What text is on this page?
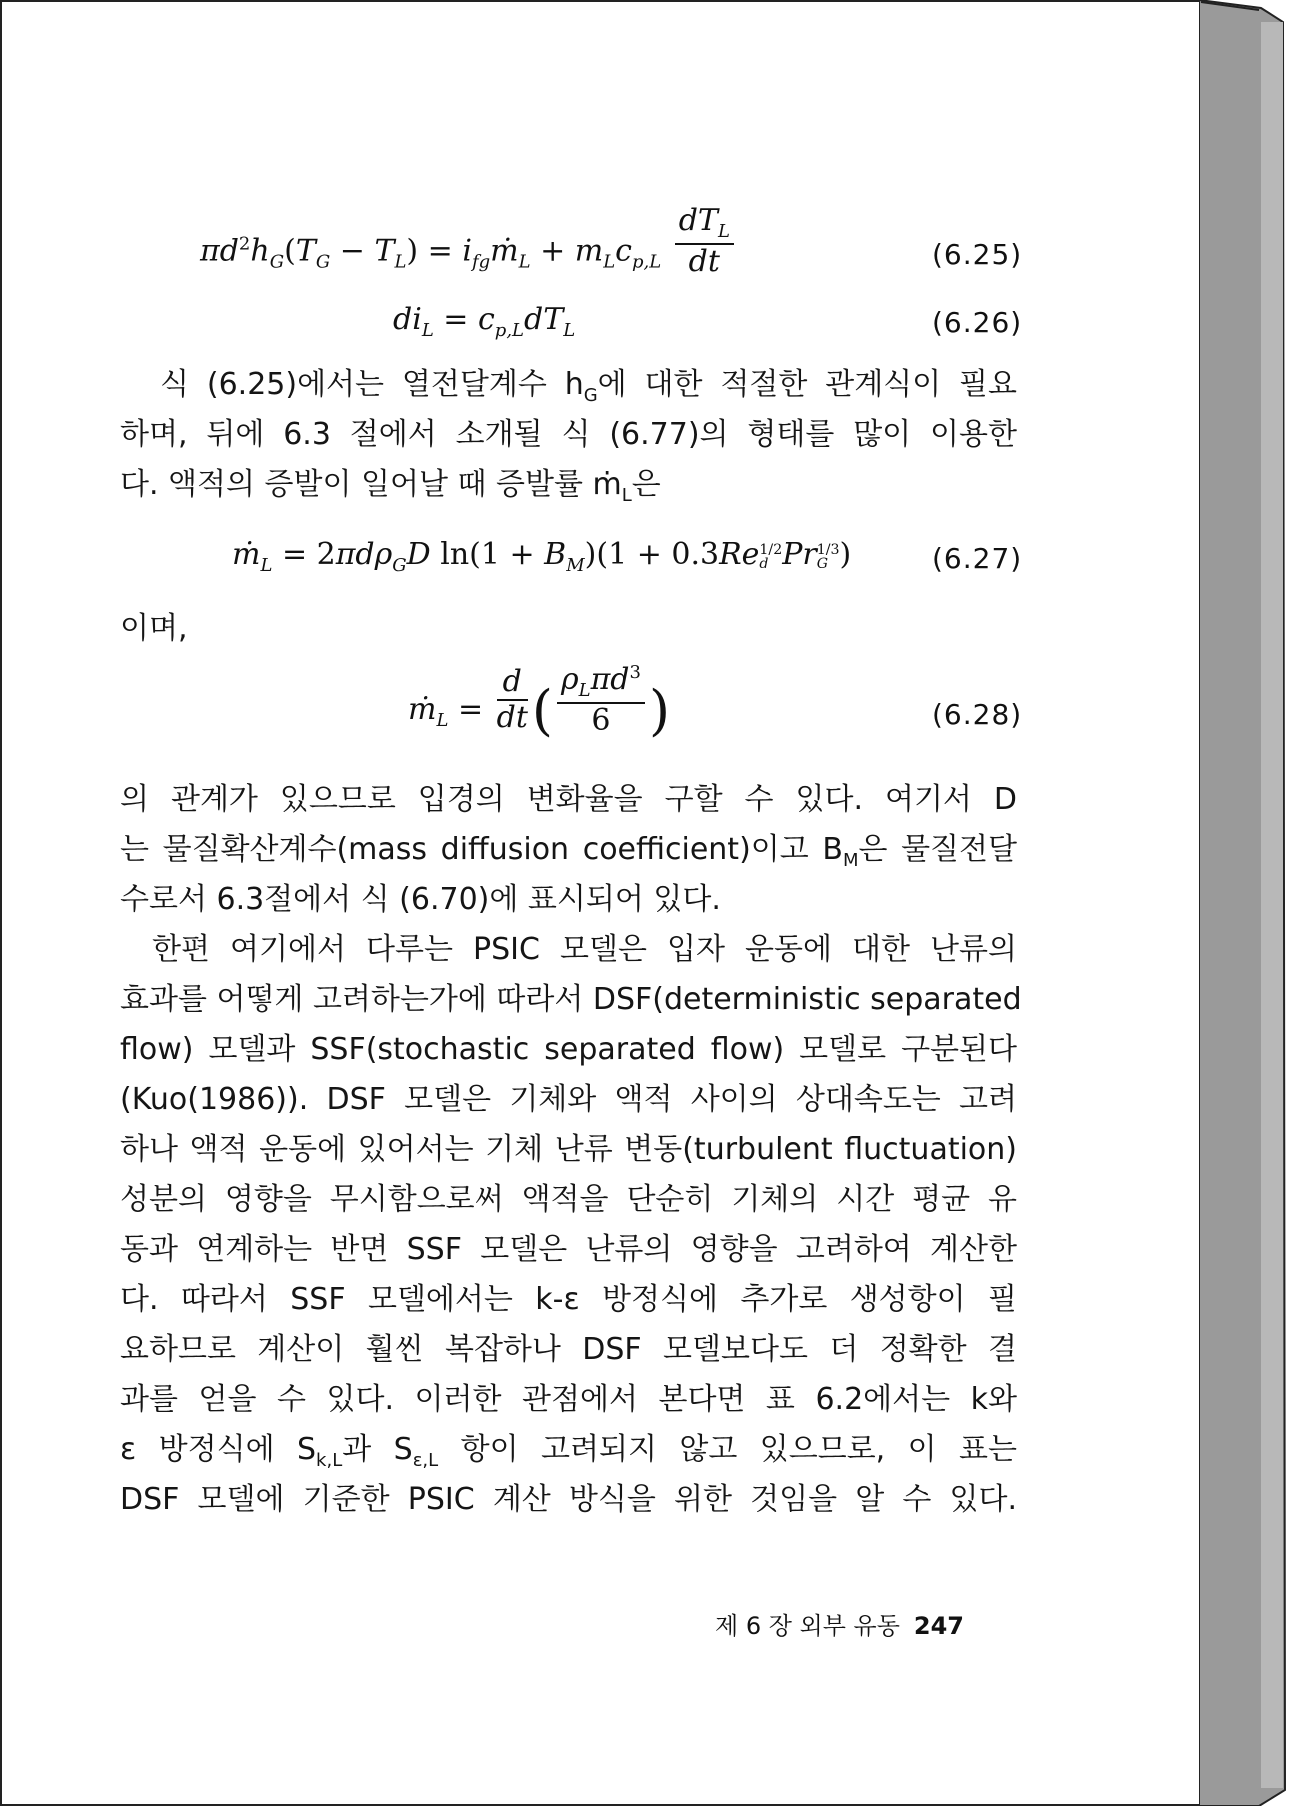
$\pi d^2h_G(T_G - T_L)$ = $i_{fg}ṁ_L + m_Lc_{p,L} \frac{dT_L}{dt}$	(6.25)
$di_L = c_{p,L}dT_L$	(6.26)
식 (6.25)에서는 열전달계수 $h_G$에 대한 적절한 관계식이 필요
하며, 뒤에 6.3 절에서 소개될 식 (6.77)의 형태를 많이 이용한
다. 액적의 증발이 일어날 때 증발률 ṁ$_L$은
ṁ$_L$ = 2πdρ$_G$D $\ln(1 + B_M)(1 + 0.3Re$ 1/2
d Pr 1/3
G )	(6.27)
이며,
ṁ$_L$ = $\frac{d}{dt}$ ( $\frac{\rho_L\pi d^3}{6}$ )	(6.28)
의 관계가 있으므로 입경의 변화율을 구할 수 있다. 여기서 D
는 물질확산계수(mass diffusion coefficient)이고 $B_M$은 물질전달
수로서 6.3절에서 식 (6.70)에 표시되어 있다.
한편 여기에서 다루는 PSIC 모델은 입자 운동에 대한 난류의
효과를 어떻게 고려하는가에 따라서 DSF(deterministic separated
flow) 모델과 SSF(stochastic separated flow) 모델로 구분된다
(Kuo(1986)). DSF 모델은 기체와 액적 사이의 상대속도는 고려
하나 액적 운동에 있어서는 기체 난류 변동(turbulent fluctuation)
성분의 영향을 무시함으로써 액적을 단순히 기체의 시간 평균 유
동과 연계하는 반면 SSF 모델은 난류의 영향을 고려하여 계산한
다. 따라서 SSF 모델에서는 k-ε 방정식에 추가로 생성항이 필
요하므로 계산이 훨씬 복잡하나 DSF 모델보다도 더 정확한 결
과를 얻을 수 있다. 이러한 관점에서 본다면 표 6.2에서는 k와
ε 방정식에 $S_{k,L}$과 $S_{\varepsilon,L}$ 항이 고려되지 않고 있으므로, 이 표는
DSF 모델에 기준한 PSIC 계산 방식을 위한 것임을 알 수 있다.
제 6 장 외부 유동 247
